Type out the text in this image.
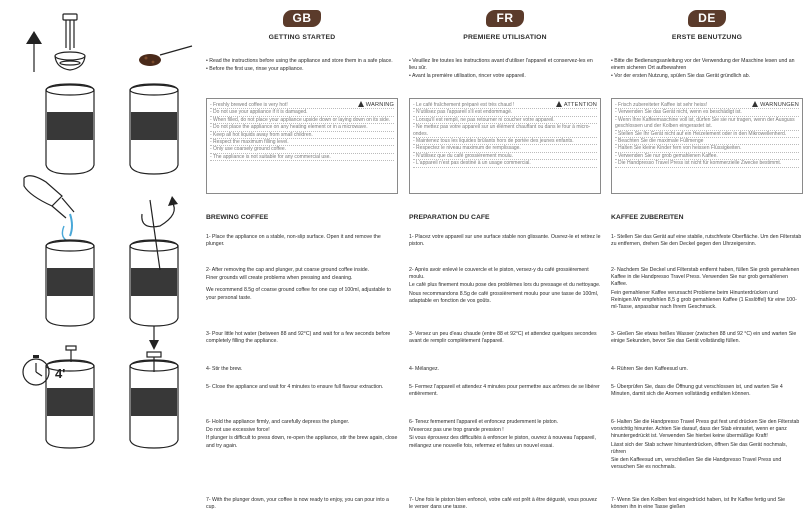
4'
GB
GETTING STARTED

• Read the instructions before using the appliance and store them in a safe place.

• Before the first use, rinse your appliance.

WARNING

- Freshly brewed coffee is very hot!

- Do not use your appliance if it is damaged.

- When filled, do not place your appliance upside down or laying down on its side.

- Do not place the appliance on any heating element or in a microwave.

- Keep all hot liquids away from small children.

- Respect the maximum filling level.

- Only use coarsely ground coffee.

- The appliance is not suitable for any commercial use.

BREWING COFFEE

1- Place the appliance on a stable, non-slip surface. Open it and remove the plunger.

2- After removing the cap and plunger, put coarse ground coffee inside.

Finer grounds will create problems when pressing and cleaning.

We recommend 8.5g of coarse ground coffee for one cup of 100ml, adjustable to your personal taste.

3- Pour little hot water (between 88 and 92°C) and wait for a few seconds before completely filling the appliance.

4- Stir the brew.

5- Close the appliance and wait for 4 minutes to ensure full flavour extraction.

6- Hold the appliance firmly, and carefully depress the plunger.

Do not use excessive force!

If plunger is difficult to press down, re-open the appliance, stir the brew again, close and try again.

7- With the plunger down, your coffee is now ready to enjoy, you can pour into a cup.

FR
PREMIERE UTILISATION

• Veuillez lire toutes les instructions avant d'utiliser l'appareil et conservez-les en lieu sûr.

• Avant la première utilisation, rincer votre appareil.

ATTENTION

- Le café fraîchement préparé est très chaud !

- N'utilisez pas l'appareil s'il est endommagé.

- Lorsqu'il est rempli, ne pas retourner ni coucher votre appareil.

- Ne mettez pas votre appareil sur un élément chauffant ou dans le four à micro-ondes.

- Maintenez tous les liquides brûlants hors de portée des jeunes enfants.

- Respectez le niveau maximum de remplissage.

- N'utilisez que du café grossièrement moulu.

- L'appareil n'est pas destiné à un usage commercial.

PREPARATION DU CAFE

1- Placez votre appareil sur une surface stable non glissante. Ouvrez-le et retirez le piston.

2- Après avoir enlevé le couvercle et le piston, versez-y du café grossièrement moulu.

Le café plus finement moulu pose des problèmes lors du pressage et du nettoyage.

Nous recommandons 8.5g de café grossièrement moulu pour une tasse de 100ml, adaptable en fonction de vos goûts.

3- Versez un peu d'eau chaude (entre 88 et 92°C) et attendez quelques secondes avant de remplir complètement l'appareil.

4- Mélangez.

5- Fermez l'appareil et attendez 4 minutes pour permettre aux arômes de se libérer entièrement.

6- Tenez fermement l'appareil et enfoncez prudemment le piston.

N'exercez pas une trop grande pression !

Si vous éprouvez des difficultés à enfoncer le piston, ouvrez à nouveau l'appareil, mélangez une nouvelle fois, refermez et faites un nouvel essai.

7- Une fois le piston bien enfoncé, votre café est prêt à être dégusté, vous pouvez le verser dans une tasse.

DE
ERSTE BENUTZUNG

• Bitte die Bedienungsanleitung vor der Verwendung der Maschine lesen und an einem sicheren Ort aufbewahren

• Vor der ersten Nutzung, spülen Sie das Gerät gründlich ab.

WARNUNGEN

- Frisch zubereiteter Kaffee ist sehr heiss!

- Verwenden Sie das Gerät nicht, wenn es beschädigt ist.

- Wenn Ihre Kaffeemaschine voll ist, dürfen Sie sie nur tragen, wenn der Ausguss geschlossen und der Kolben eingerastet ist.

- Stellen Sie Ihr Gerät nicht auf ein Heizelement oder in den Mikrowellenherd.

- Beachten Sie die maximale Füllmenge

- Halten Sie kleine Kinder fern von heissen Flüssigkeiten.

- Verwenden Sie nur grob gemahlenen Kaffee.

- Die Handpresso Travel Press ist nicht für kommerzielle Zwecke bestimmt.

KAFFEE ZUBEREITEN

1- Stellen Sie das Gerät auf eine stabile, rutschfeste Oberfläche. Um den Filterstab zu entfernen, drehen Sie den Deckel gegen den Uhrzeigersinn.

2- Nachdem Sie Deckel und Filterstab entfernt haben, füllen Sie grob gemahlenen Kaffee in die Handpresso Travel Press. Verwenden Sie nur grob gemahlenen Kaffee.

Fein gemahlener Kaffee verursacht Probleme beim Hinunterdrücken und Reinigen.Wir empfehlen 8,5 g grob gemahlenen Kaffee (1 Esslöffel) für eine 100-ml-Tasse, anpassbar nach Ihrem Geschmack.

3- Gießen Sie etwas heißes Wasser (zwischen 88 und 92 °C) ein und warten Sie einige Sekunden, bevor Sie das Gerät vollständig füllen.

4- Rühren Sie den Kaffeesud um.

5- Überprüfen Sie, dass die Öffnung gut verschlossen ist, und warten Sie 4 Minuten, damit sich die Aromen vollständig entfalten können.

6- Halten Sie die Handpresso Travel Press gut fest und drücken Sie den Filterstab vorsichtig hinunter. Achten Sie darauf, dass der Stab einrastet, wenn er ganz hinuntergedrückt ist. Verwenden Sie hierbei keine übermäßige Kraft!

Lässt sich der Stab schwer hinunterdrücken, öffnen Sie das Gerät nochmals, rühren

Sie den Kaffeesud um, verschließen Sie die Handpresso Travel Press und versuchen Sie es nochmals.

7- Wenn Sie den Kolben fest eingedrückt haben, ist Ihr Kaffee fertig und Sie können ihn in eine Tasse gießen
